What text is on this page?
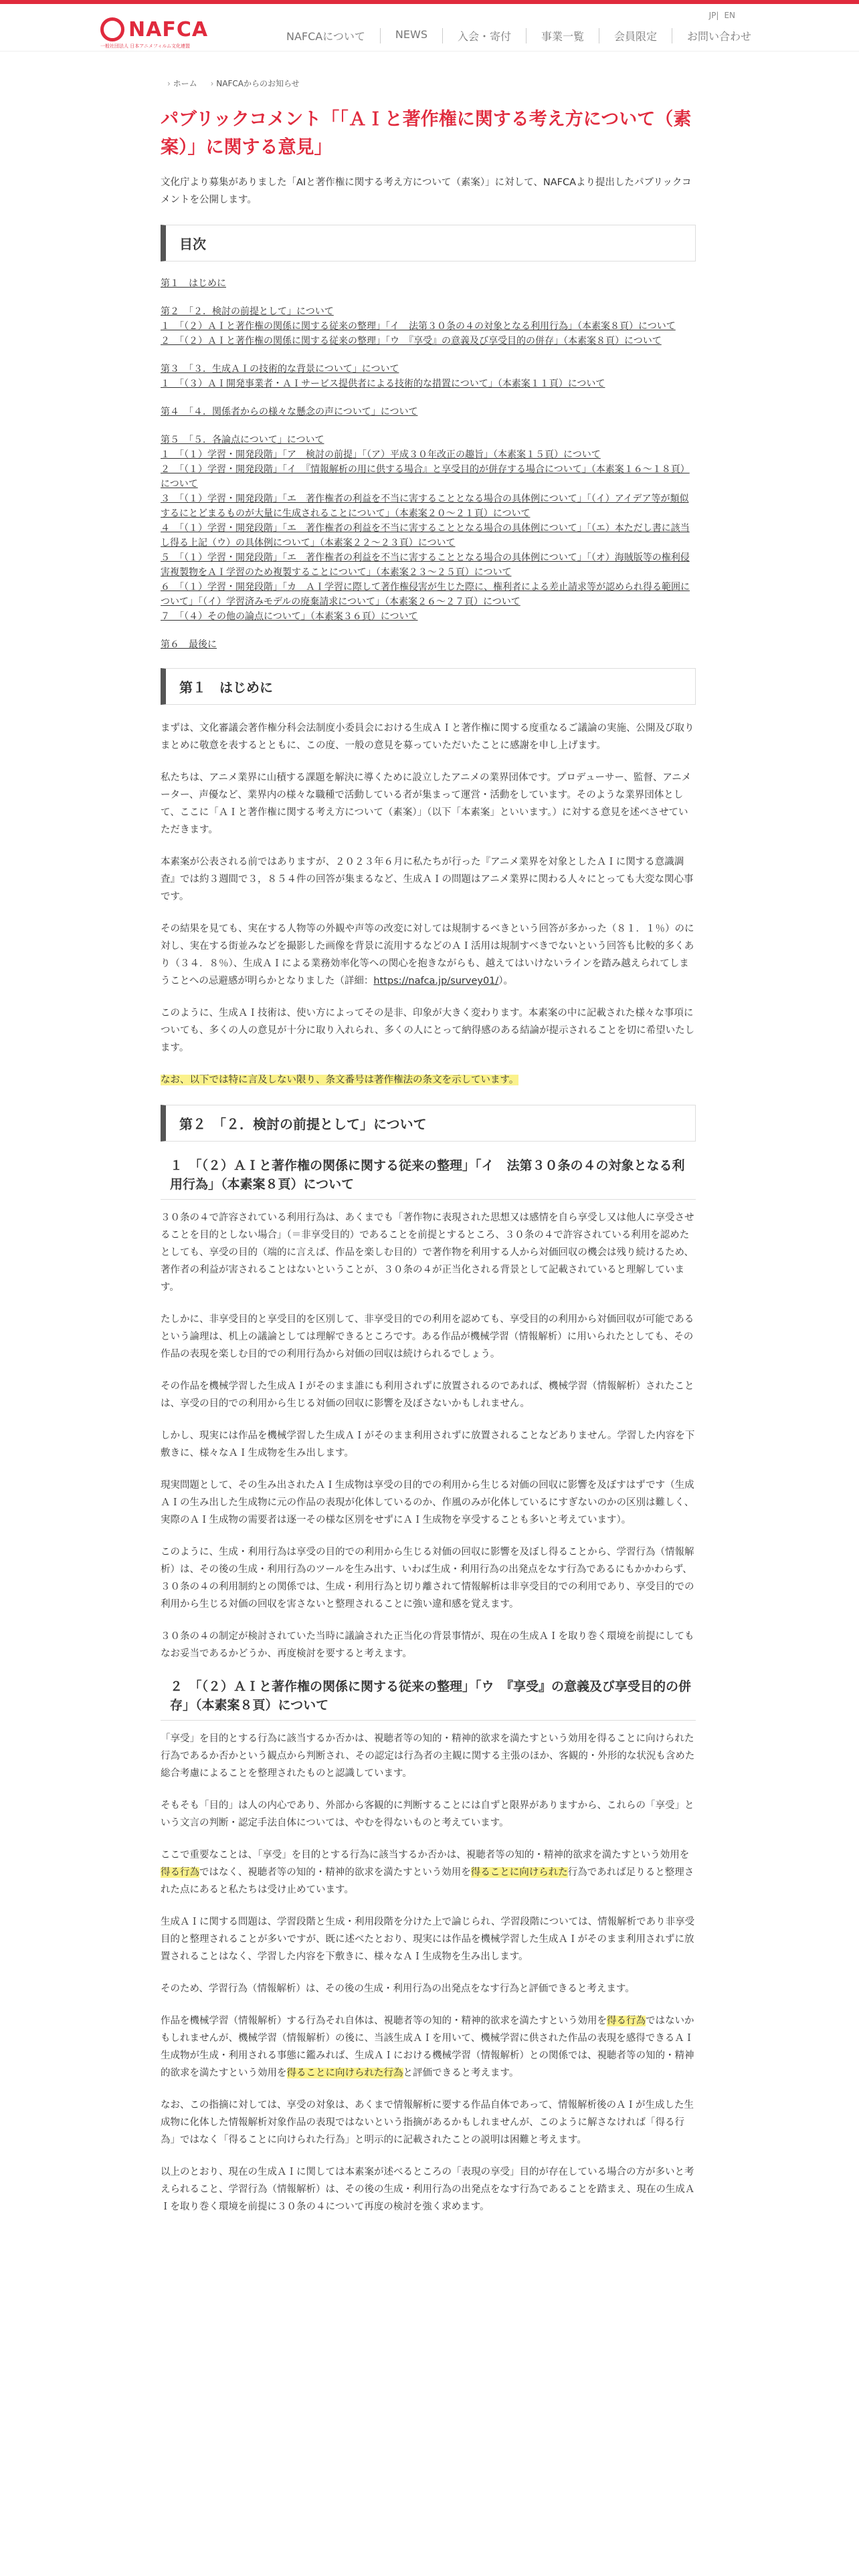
NAFCA
一般社団法人 日本アニメフィルム文化連盟
JP| EN
NAFCAについて	NEWS	入会・寄付	事業一覧	会員限定	お問い合わせ
› ホーム
›	NAFCAからのお知らせ
パブリックコメント「「ＡＩと著作権に関する考え方について（素案）」に関する意見」

文化庁より募集がありました「AIと著作権に関する考え方について（素案）」に対して、NAFCAより提出したパブリックコメントを公開します。

目次
第１　はじめに
第２　「２．検討の前提として」について
１　「（２）ＡＩと著作権の関係に関する従来の整理」「イ　法第３０条の４の対象となる利用行為」（本素案８頁）について
２　「（２）ＡＩと著作権の関係に関する従来の整理」「ウ　『享受』の意義及び享受目的の併存」（本素案８頁）について
第３　「３．生成ＡＩの技術的な背景について」について
１　「（３）ＡＩ開発事業者・ＡＩサービス提供者による技術的な措置について」（本素案１１頁）について
第４　「４．関係者からの様々な懸念の声について」について
第５　「５．各論点について」について
１　「（１）学習・開発段階」「ア　検討の前提」「（ア）平成３０年改正の趣旨」（本素案１５頁）について
２　「（１）学習・開発段階」「イ　『情報解析の用に供する場合』と享受目的が併存する場合について」（本素案１６～１８頁）について
３　「（１）学習・開発段階」「エ　著作権者の利益を不当に害することとなる場合の具体例について」「（イ）アイデア等が類似するにとどまるものが大量に生成されることについて」（本素案２０～２１頁）について
４　「（１）学習・開発段階」「エ　著作権者の利益を不当に害することとなる場合の具体例について」「（エ）本ただし書に該当し得る上記（ウ）の具体例について」（本素案２２～２３頁）について
５　「（１）学習・開発段階」「エ　著作権者の利益を不当に害することとなる場合の具体例について」「（オ）海賊版等の権利侵害複製物をＡＩ学習のため複製することについて」（本素案２３～２５頁）について
６　「（１）学習・開発段階」「カ　ＡＩ学習に際して著作権侵害が生じた際に、権利者による差止請求等が認められ得る範囲について」「（イ）学習済みモデルの廃棄請求について」（本素案２６～２７頁）について
７　「（４）その他の論点について」（本素案３６頁）について
第６　最後に
第１　はじめに

まずは、文化審議会著作権分科会法制度小委員会における生成ＡＩと著作権に関する度重なるご議論の実施、公開及び取りまとめに敬意を表するとともに、この度、一般の意見を募っていただいたことに感謝を申し上げます。

私たちは、アニメ業界に山積する課題を解決に導くために設立したアニメの業界団体です。プロデューサー、監督、アニメーター、声優など、業界内の様々な職種で活動している者が集まって運営・活動をしています。そのような業界団体として、ここに「ＡＩと著作権に関する考え方について（素案）」（以下「本素案」といいます。）に対する意見を述べさせていただきます。

本素案が公表される前ではありますが、２０２３年６月に私たちが行った『アニメ業界を対象としたＡＩに関する意識調査』では約３週間で３，８５４件の回答が集まるなど、生成ＡＩの問題はアニメ業界に関わる人々にとっても大変な関心事です。

その結果を見ても、実在する人物等の外観や声等の改変に対しては規制するべきという回答が多かった（８１．１％）のに対し、実在する街並みなどを撮影した画像を背景に流用するなどのＡＩ活用は規制すべきでないという回答も比較的多くあり（３４．８％）、生成ＡＩによる業務効率化等への関心を抱きながらも、越えてはいけないラインを踏み越えられてしまうことへの忌避感が明らかとなりました（詳細：https://nafca.jp/survey01/）。

このように、生成ＡＩ技術は、使い方によってその是非、印象が大きく変わります。本素案の中に記載された様々な事項についても、多くの人の意見が十分に取り入れられ、多くの人にとって納得感のある結論が提示されることを切に希望いたします。

なお、以下では特に言及しない限り、条文番号は著作権法の条文を示しています。

第２　「２．検討の前提として」について
１　「（２）ＡＩと著作権の関係に関する従来の整理」「イ　法第３０条の４の対象となる利用行為」（本素案８頁）について

３０条の４で許容されている利用行為は、あくまでも「著作物に表現された思想又は感情を自ら享受し又は他人に享受させることを目的としない場合」（＝非享受目的）であることを前提とするところ、３０条の４で許容されている利用を認めたとしても、享受の目的（端的に言えば、作品を楽しむ目的）で著作物を利用する人から対価回収の機会は残り続けるため、著作者の利益が害されることはないということが、３０条の４が正当化される背景として記載されていると理解しています。

たしかに、非享受目的と享受目的を区別して、非享受目的での利用を認めても、享受目的の利用から対価回収が可能であるという論理は、机上の議論としては理解できるところです。ある作品が機械学習（情報解析）に用いられたとしても、その作品の表現を楽しむ目的での利用行為から対価の回収は続けられるでしょう。

その作品を機械学習した生成ＡＩがそのまま誰にも利用されずに放置されるのであれば、機械学習（情報解析）されたことは、享受の目的での利用から生じる対価の回収に影響を及ぼさないかもしれません。

しかし、現実には作品を機械学習した生成ＡＩがそのまま利用されずに放置されることなどありません。学習した内容を下敷きに、様々なＡＩ生成物を生み出します。

現実問題として、その生み出されたＡＩ生成物は享受の目的での利用から生じる対価の回収に影響を及ぼすはずです（生成ＡＩの生み出した生成物に元の作品の表現が化体しているのか、作風のみが化体しているにすぎないのかの区別は難しく、実際のＡＩ生成物の需要者は逐一その様な区別をせずにＡＩ生成物を享受することも多いと考えています）。

このように、生成・利用行為は享受の目的での利用から生じる対価の回収に影響を及ぼし得ることから、学習行為（情報解析）は、その後の生成・利用行為のツールを生み出す、いわば生成・利用行為の出発点をなす行為であるにもかかわらず、３０条の４の利用制約との関係では、生成・利用行為と切り離されて情報解析は非享受目的での利用であり、享受目的での利用から生じる対価の回収を害さないと整理されることに強い違和感を覚えます。

３０条の４の制定が検討されていた当時に議論された正当化の背景事情が、現在の生成ＡＩを取り巻く環境を前提にしてもなお妥当であるかどうか、再度検討を要すると考えます。

２　「（２）ＡＩと著作権の関係に関する従来の整理」「ウ　『享受』の意義及び享受目的の併存」（本素案８頁）について

「享受」を目的とする行為に該当するか否かは、視聴者等の知的・精神的欲求を満たすという効用を得ることに向けられた行為であるか否かという観点から判断され、その認定は行為者の主観に関する主張のほか、客観的・外形的な状況も含めた総合考慮によることを整理されたものと認識しています。

そもそも「目的」は人の内心であり、外部から客観的に判断することには自ずと限界がありますから、これらの「享受」という文言の判断・認定手法自体については、やむを得ないものと考えています。

ここで重要なことは、「享受」を目的とする行為に該当するか否かは、視聴者等の知的・精神的欲求を満たすという効用を得る行為ではなく、視聴者等の知的・精神的欲求を満たすという効用を得ることに向けられた行為であれば足りると整理された点にあると私たちは受け止めています。

生成ＡＩに関する問題は、学習段階と生成・利用段階を分けた上で論じられ、学習段階については、情報解析であり非享受目的と整理されることが多いですが、既に述べたとおり、現実には作品を機械学習した生成ＡＩがそのまま利用されずに放置されることはなく、学習した内容を下敷きに、様々なＡＩ生成物を生み出します。

そのため、学習行為（情報解析）は、その後の生成・利用行為の出発点をなす行為と評価できると考えます。

作品を機械学習（情報解析）する行為それ自体は、視聴者等の知的・精神的欲求を満たすという効用を得る行為ではないかもしれませんが、機械学習（情報解析）の後に、当該生成ＡＩを用いて、機械学習に供された作品の表現を感得できるＡＩ生成物が生成・利用される事態に鑑みれば、生成ＡＩにおける機械学習（情報解析）との関係では、視聴者等の知的・精神的欲求を満たすという効用を得ることに向けられた行為と評価できると考えます。

なお、この指摘に対しては、享受の対象は、あくまで情報解析に要する作品自体であって、情報解析後のＡＩが生成した生成物に化体した情報解析対象作品の表現ではないという指摘があるかもしれませんが、このように解さなければ「得る行為」ではなく「得ることに向けられた行為」と明示的に記載されたことの説明は困難と考えます。

以上のとおり、現在の生成ＡＩに関しては本素案が述べるところの「表現の享受」目的が存在している場合の方が多いと考えられること、学習行為（情報解析）は、その後の生成・利用行為の出発点をなす行為であることを踏まえ、現在の生成ＡＩを取り巻く環境を前提に３０条の４について再度の検討を強く求めます。
